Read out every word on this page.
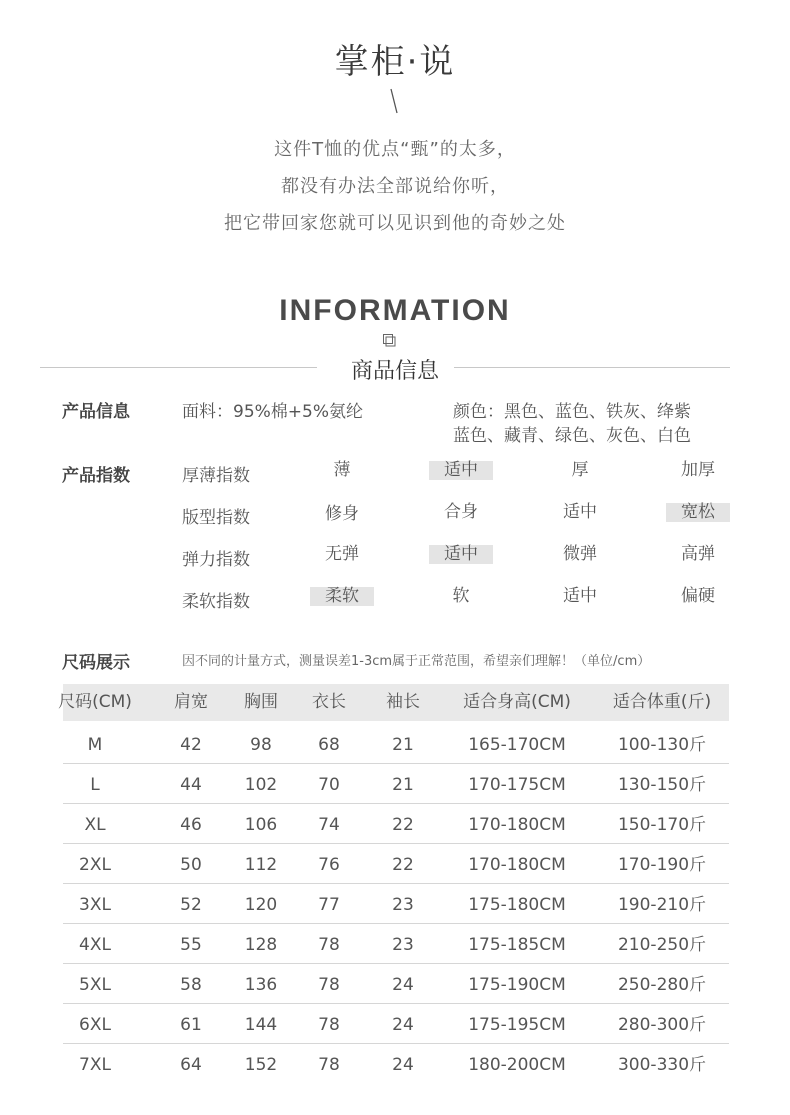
掌柜·说
这件T恤的优点“甄”的太多，
都没有办法全部说给你听，
把它带回家您就可以见识到他的奇妙之处
INFORMATION
商品信息
产品信息	面料：95%棉+5%氨纶	颜色：黑色、蓝色、铁灰、绛紫
蓝色、藏青、绿色、灰色、白色
产品指数	厚薄指数	薄	适中	厚	加厚
版型指数	修身	合身	适中	宽松
弹力指数	无弹	适中	微弹	高弹
柔软指数	柔软	软	适中	偏硬
尺码展示	因不同的计量方式，测量误差1-3cm属于正常范围，希望亲们理解！（单位/cm）
尺码(CM)	肩宽	胸围	衣长	袖长	适合身高(CM)	适合体重(斤)
M	42	98	68	21	165-170CM	100-130斤
L	44	102	70	21	170-175CM	130-150斤
XL	46	106	74	22	170-180CM	150-170斤
2XL	50	112	76	22	170-180CM	170-190斤
3XL	52	120	77	23	175-180CM	190-210斤
4XL	55	128	78	23	175-185CM	210-250斤
5XL	58	136	78	24	175-190CM	250-280斤
6XL	61	144	78	24	175-195CM	280-300斤
7XL	64	152	78	24	180-200CM	300-330斤
